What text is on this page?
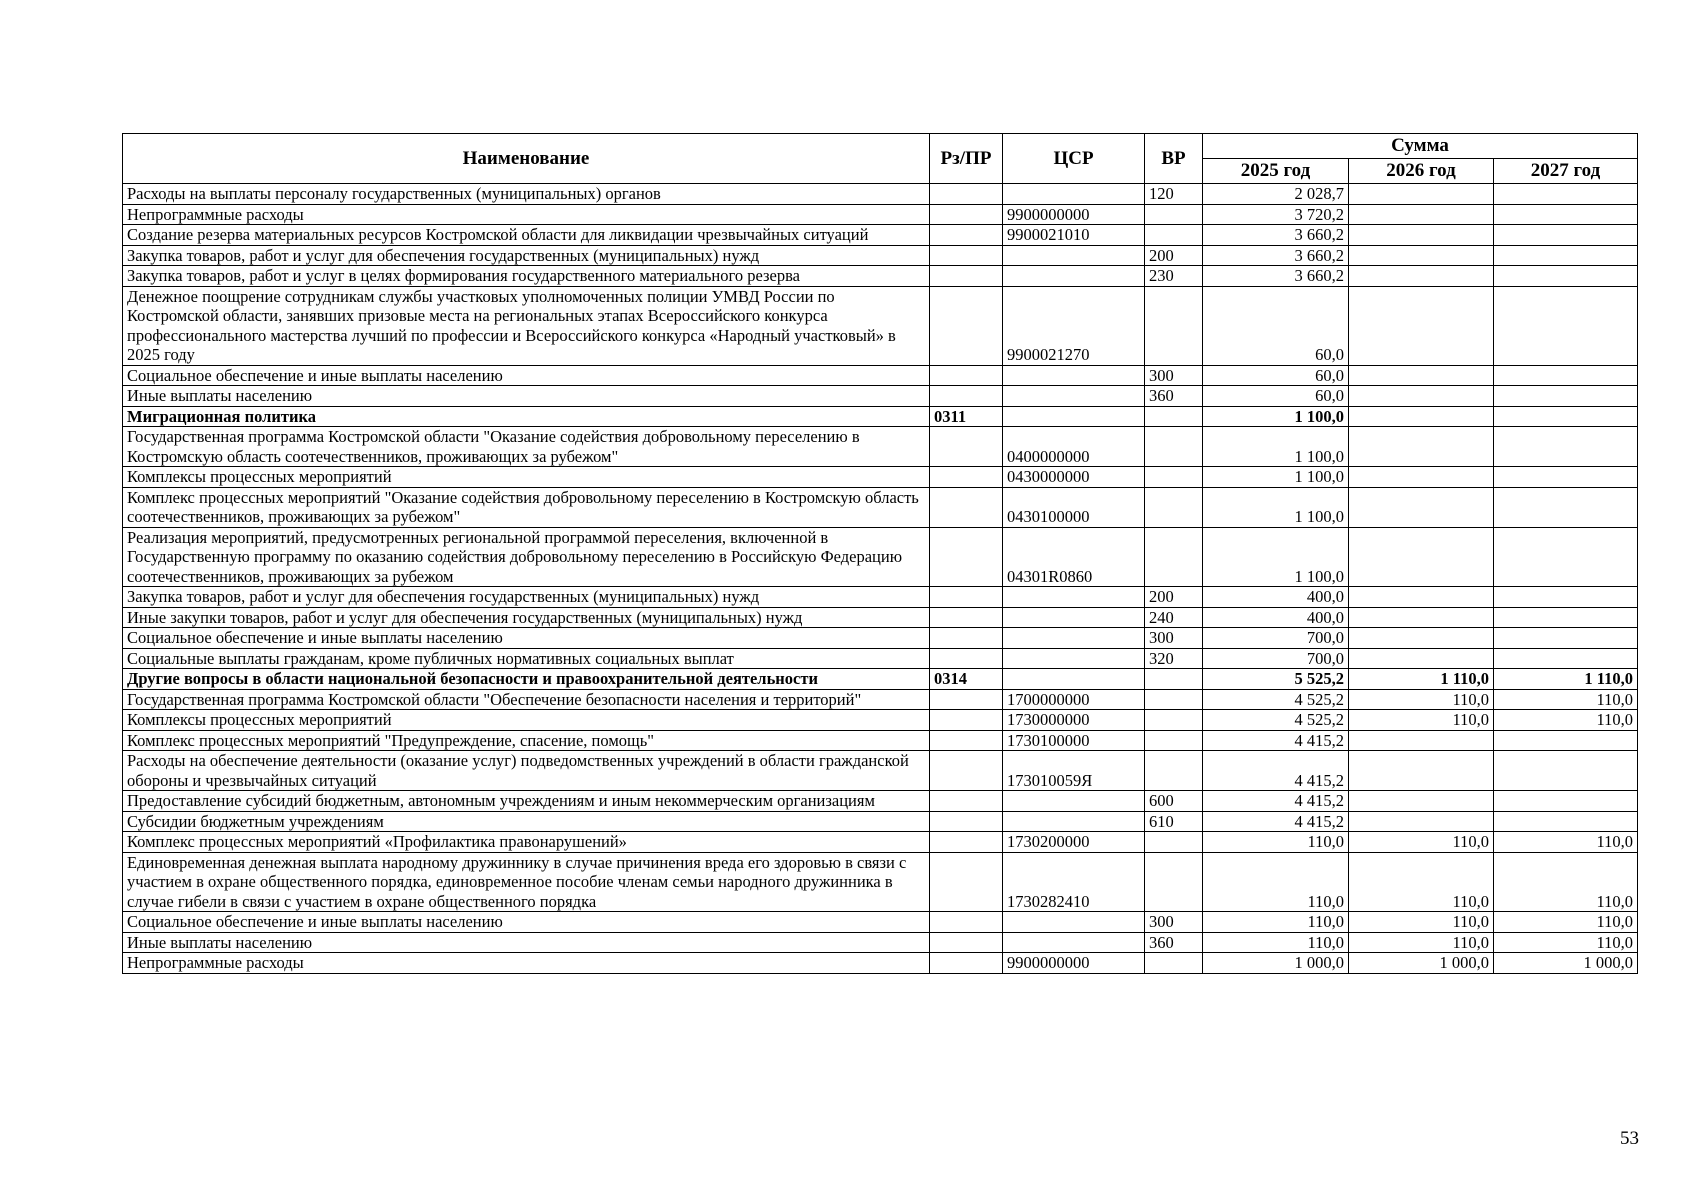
Наименование	Рз/ПР	ЦСР	ВР	Сумма		
				2025 год	2026 год	2027 год
Расходы на выплаты персоналу государственных (муниципальных) органов			120	2 028,7		
Непрограммные расходы		9900000000		3 720,2		
Создание резерва материальных ресурсов Костромской области для ликвидации чрезвычайных ситуаций		9900021010		3 660,2		
Закупка товаров, работ и услуг для обеспечения государственных (муниципальных) нужд			200	3 660,2		
Закупка товаров, работ и услуг в целях формирования государственного материального резерва			230	3 660,2		
Денежное поощрение сотрудникам службы участковых уполномоченных полиции УМВД России по Костромской области, занявших призовые места на региональных этапах Всероссийского конкурса профессионального мастерства лучший по профессии и Всероссийского конкурса «Народный участковый» в 2025 году		9900021270		60,0		
Социальное обеспечение и иные выплаты населению			300	60,0		
Иные выплаты населению			360	60,0		
Миграционная политика	0311			1 100,0		
Государственная программа Костромской области "Оказание содействия добровольному переселению в Костромскую область соотечественников, проживающих за рубежом"		0400000000		1 100,0		
Комплексы процессных мероприятий		0430000000		1 100,0		
Комплекс процессных мероприятий "Оказание содействия добровольному переселению в Костромскую область соотечественников, проживающих за рубежом"		0430100000		1 100,0		
Реализация мероприятий, предусмотренных региональной программой переселения, включенной в Государственную программу по оказанию содействия добровольному переселению в Российскую Федерацию соотечественников, проживающих за рубежом		04301R0860		1 100,0		
Закупка товаров, работ и услуг для обеспечения государственных (муниципальных) нужд			200	400,0		
Иные закупки товаров, работ и услуг для обеспечения государственных (муниципальных) нужд			240	400,0		
Социальное обеспечение и иные выплаты населению			300	700,0		
Социальные выплаты гражданам, кроме публичных нормативных социальных выплат			320	700,0		
Другие вопросы в области национальной безопасности и правоохранительной деятельности	0314			5 525,2	1 110,0	1 110,0
Государственная программа Костромской области "Обеспечение безопасности населения и территорий"		1700000000		4 525,2	110,0	110,0
Комплексы процессных мероприятий		1730000000		4 525,2	110,0	110,0
Комплекс процессных мероприятий "Предупреждение, спасение, помощь"		1730100000		4 415,2		
Расходы на обеспечение деятельности (оказание услуг) подведомственных учреждений в области гражданской обороны и чрезвычайных ситуаций		173010059Я		4 415,2		
Предоставление субсидий бюджетным, автономным учреждениям и иным некоммерческим организациям			600	4 415,2		
Субсидии бюджетным учреждениям			610	4 415,2		
Комплекс процессных мероприятий «Профилактика правонарушений»		1730200000		110,0	110,0	110,0
Единовременная денежная выплата народному дружиннику в случае причинения вреда его здоровью в связи с участием в охране общественного порядка, единовременное пособие членам семьи народного дружинника в случае гибели в связи с участием в охране общественного порядка		1730282410		110,0	110,0	110,0
Социальное обеспечение и иные выплаты населению			300	110,0	110,0	110,0
Иные выплаты населению			360	110,0	110,0	110,0
Непрограммные расходы		9900000000		1 000,0	1 000,0	1 000,0
53
